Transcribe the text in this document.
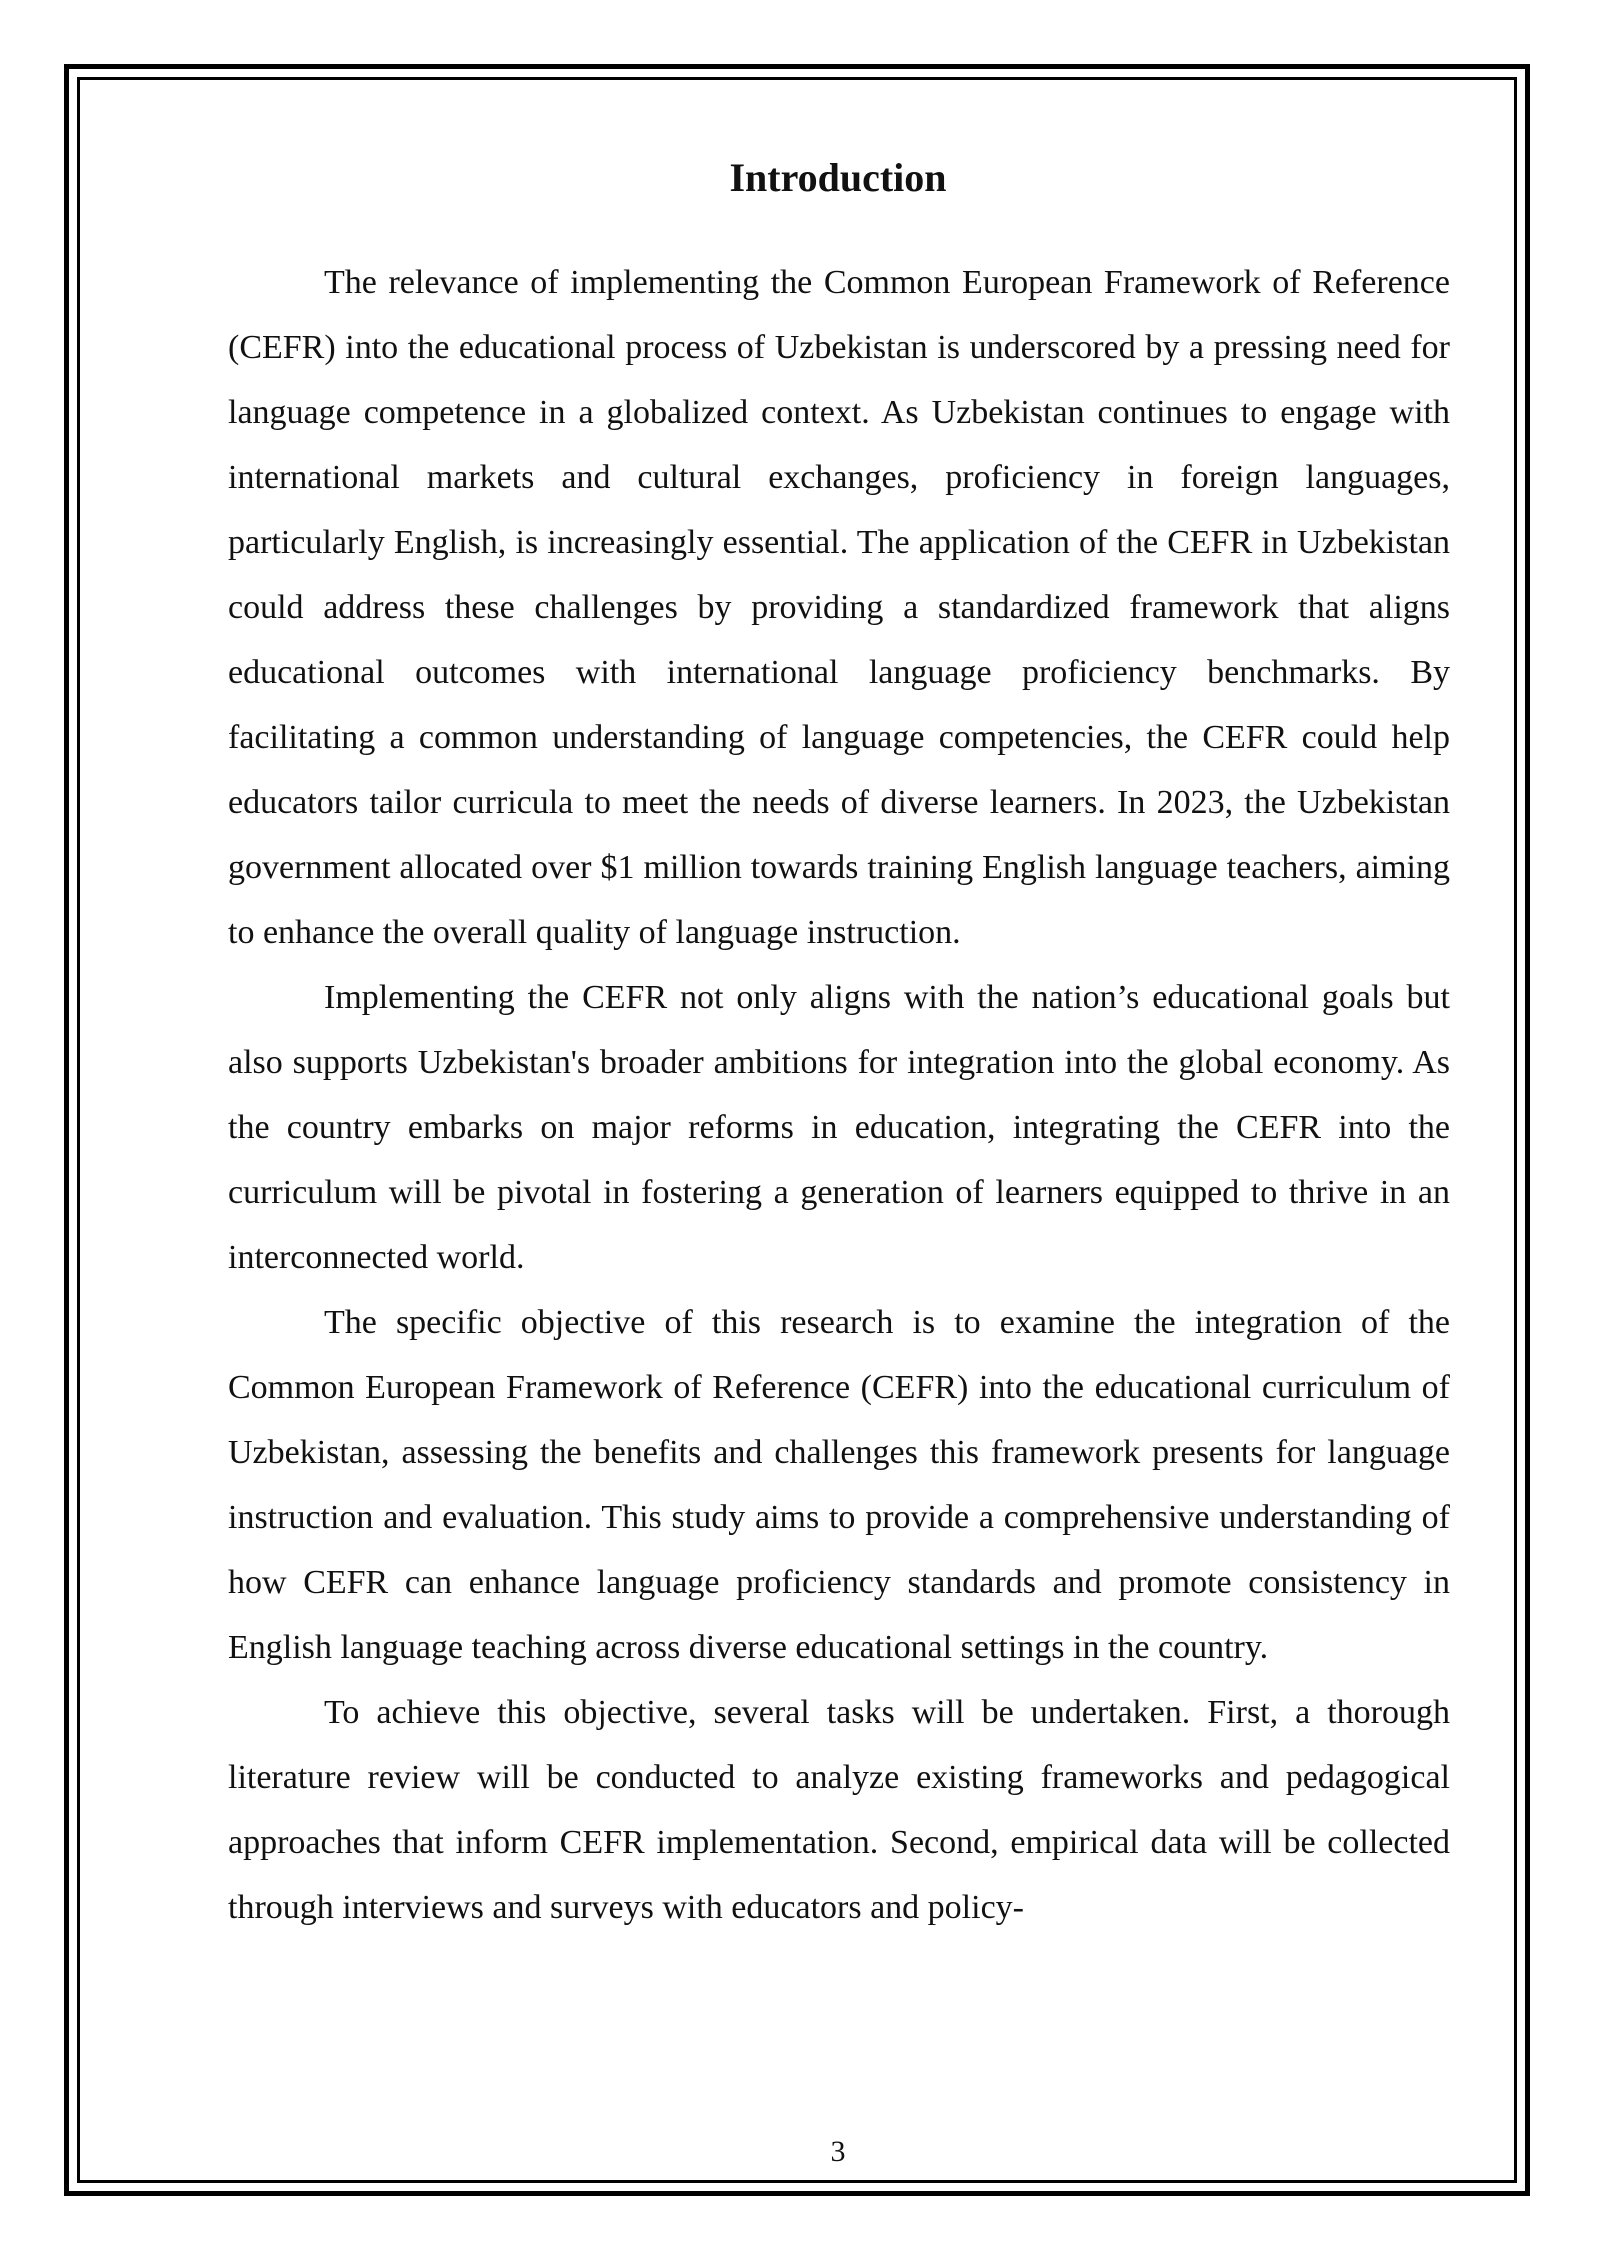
Introduction

The relevance of implementing the Common European Framework of Reference (CEFR) into the educational process of Uzbekistan is underscored by a pressing need for language competence in a globalized context. As Uzbekistan continues to engage with international markets and cultural exchanges, proficiency in foreign languages, particularly English, is increasingly essential. The application of the CEFR in Uzbekistan could address these challenges by providing a standardized framework that aligns educational outcomes with international language proficiency benchmarks. By facilitating a common understanding of language competencies, the CEFR could help educators tailor curricula to meet the needs of diverse learners. In 2023, the Uzbekistan government allocated over $1 million towards training English language teachers, aiming to enhance the overall quality of language instruction.

Implementing the CEFR not only aligns with the nation’s educational goals but also supports Uzbekistan's broader ambitions for integration into the global economy. As the country embarks on major reforms in education, integrating the CEFR into the curriculum will be pivotal in fostering a generation of learners equipped to thrive in an interconnected world.

The specific objective of this research is to examine the integration of the Common European Framework of Reference (CEFR) into the educational curriculum of Uzbekistan, assessing the benefits and challenges this framework presents for language instruction and evaluation. This study aims to provide a comprehensive understanding of how CEFR can enhance language proficiency standards and promote consistency in English language teaching across diverse educational settings in the country.

To achieve this objective, several tasks will be undertaken. First, a thorough literature review will be conducted to analyze existing frameworks and pedagogical approaches that inform CEFR implementation. Second, empirical data will be collected through interviews and surveys with educators and policy-

3
